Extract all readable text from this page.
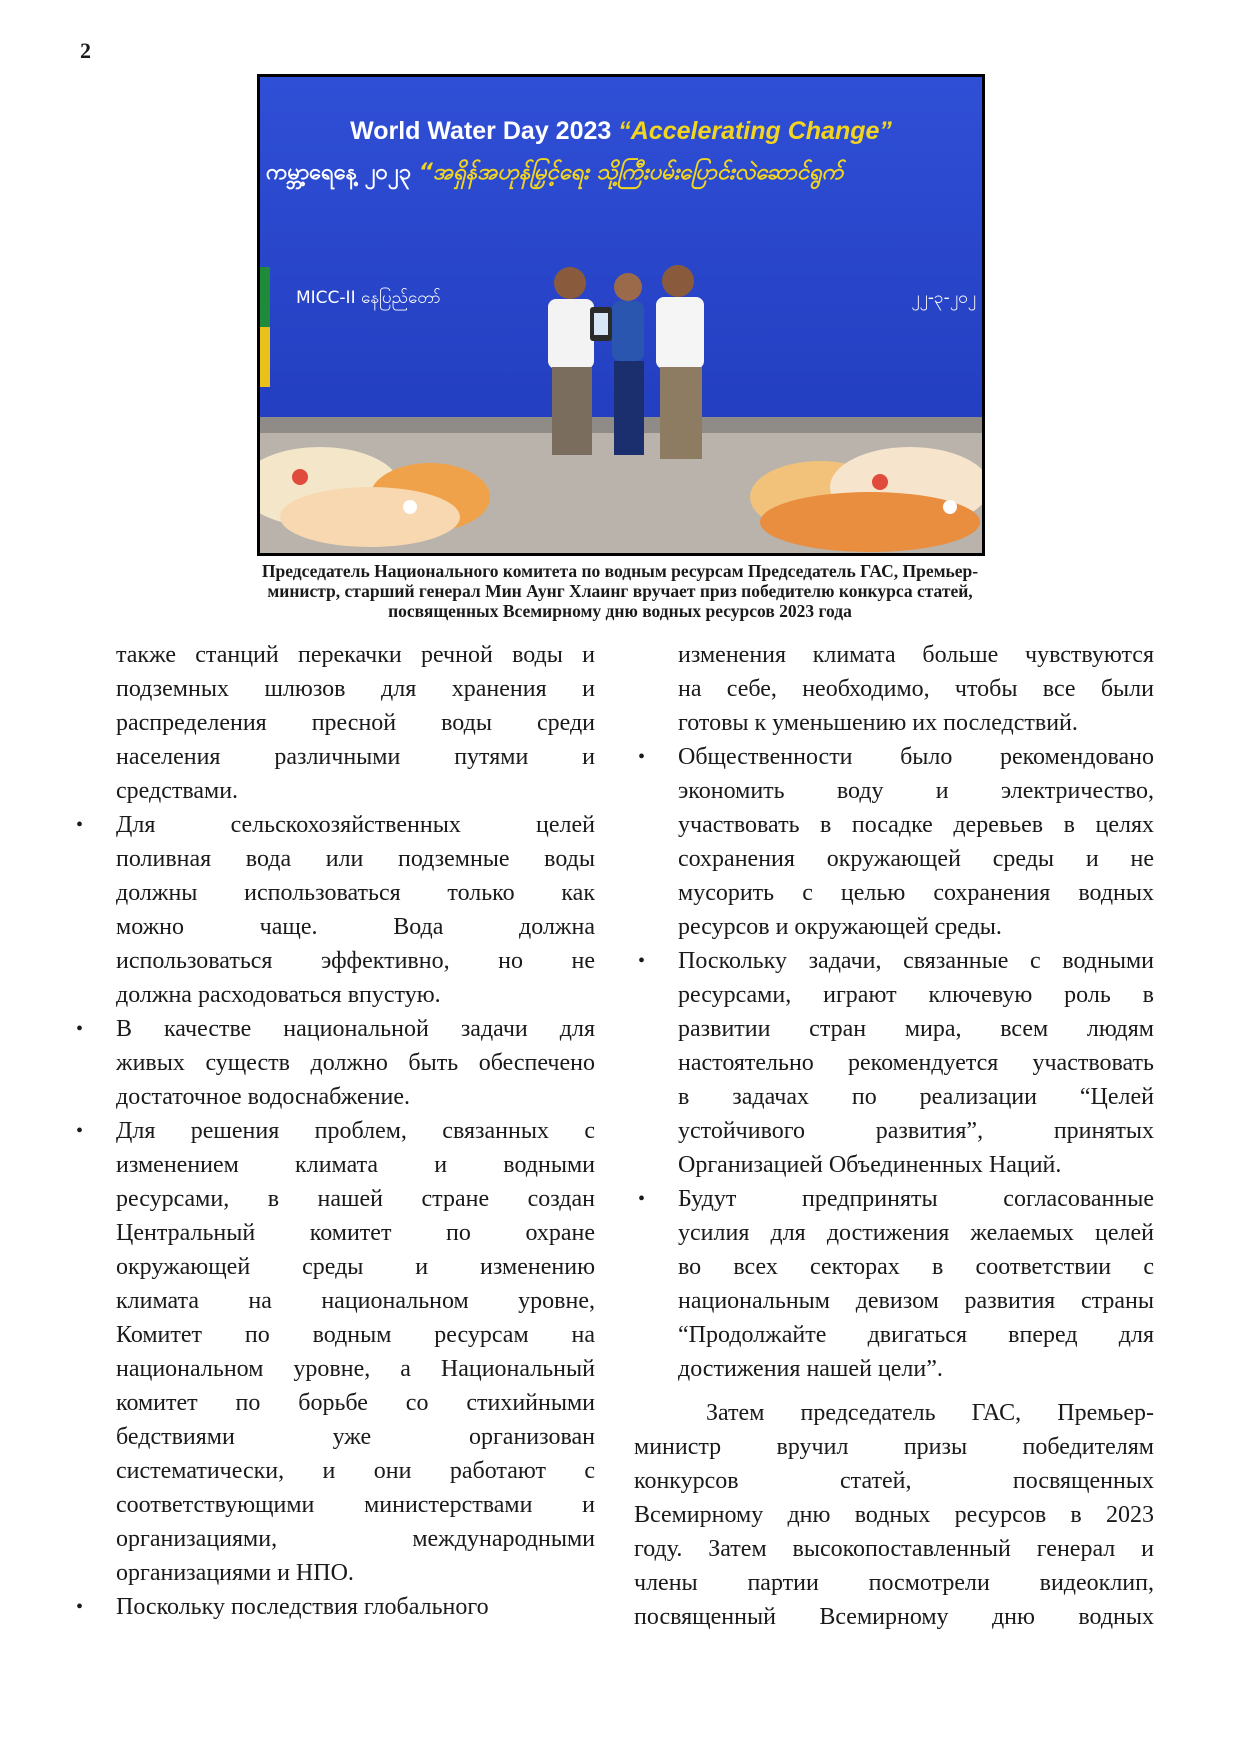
2
World Water Day 2023 “Accelerating Change”
ကမ္ဘာ့ရေနေ့ ၂၀၂၃ “အရှိန်အဟုန်မြှင့်ရေး သို့ကြီးပမ်းပြောင်းလဲဆောင်ရွက်
MICC-II နေပြည်တော်	၂၂-၃-၂၀၂
Председатель Национального комитета по водным ресурсам Председатель ГАС, Премьер-
министр, старший генерал Мин Аунг Хлаинг вручает приз победителю конкурса статей,
посвященных Всемирному дню водных ресурсов 2023 года
также станций перекачки речной воды и
подземных шлюзов для хранения и
распределения пресной воды среди
населения различными путями и
средствами.
• Для сельскохозяйственных целей
поливная вода или подземные воды
должны использоваться только как
можно чаще. Вода должна
использоваться эффективно, но не
должна расходоваться впустую.
• В качестве национальной задачи для
живых существ должно быть обеспечено
достаточное водоснабжение.
• Для решения проблем, связанных с
изменением климата и водными
ресурсами, в нашей стране создан
Центральный комитет по охране
окружающей среды и изменению
климата на национальном уровне,
Комитет по водным ресурсам на
национальном уровне, а Национальный
комитет по борьбе со стихийными
бедствиями уже организован
систематически, и они работают с
соответствующими министерствами и
организациями, международными
организациями и НПО.
• Поскольку последствия глобального
изменения климата больше чувствуются
на себе, необходимо, чтобы все были
готовы к уменьшению их последствий.
• Общественности было рекомендовано
экономить воду и электричество,
участвовать в посадке деревьев в целях
сохранения окружающей среды и не
мусорить с целью сохранения водных
ресурсов и окружающей среды.
• Поскольку задачи, связанные с водными
ресурсами, играют ключевую роль в
развитии стран мира, всем людям
настоятельно рекомендуется участвовать
в задачах по реализации “Целей
устойчивого развития”, принятых
Организацией Объединенных Наций.
• Будут предприняты согласованные
усилия для достижения желаемых целей
во всех секторах в соответствии с
национальным девизом развития страны
“Продолжайте двигаться вперед для
достижения нашей цели”.
Затем председатель ГАС, Премьер-
министр вручил призы победителям
конкурсов статей, посвященных
Всемирному дню водных ресурсов в 2023
году. Затем высокопоставленный генерал и
члены партии посмотрели видеоклип,
посвященный Всемирному дню водных
